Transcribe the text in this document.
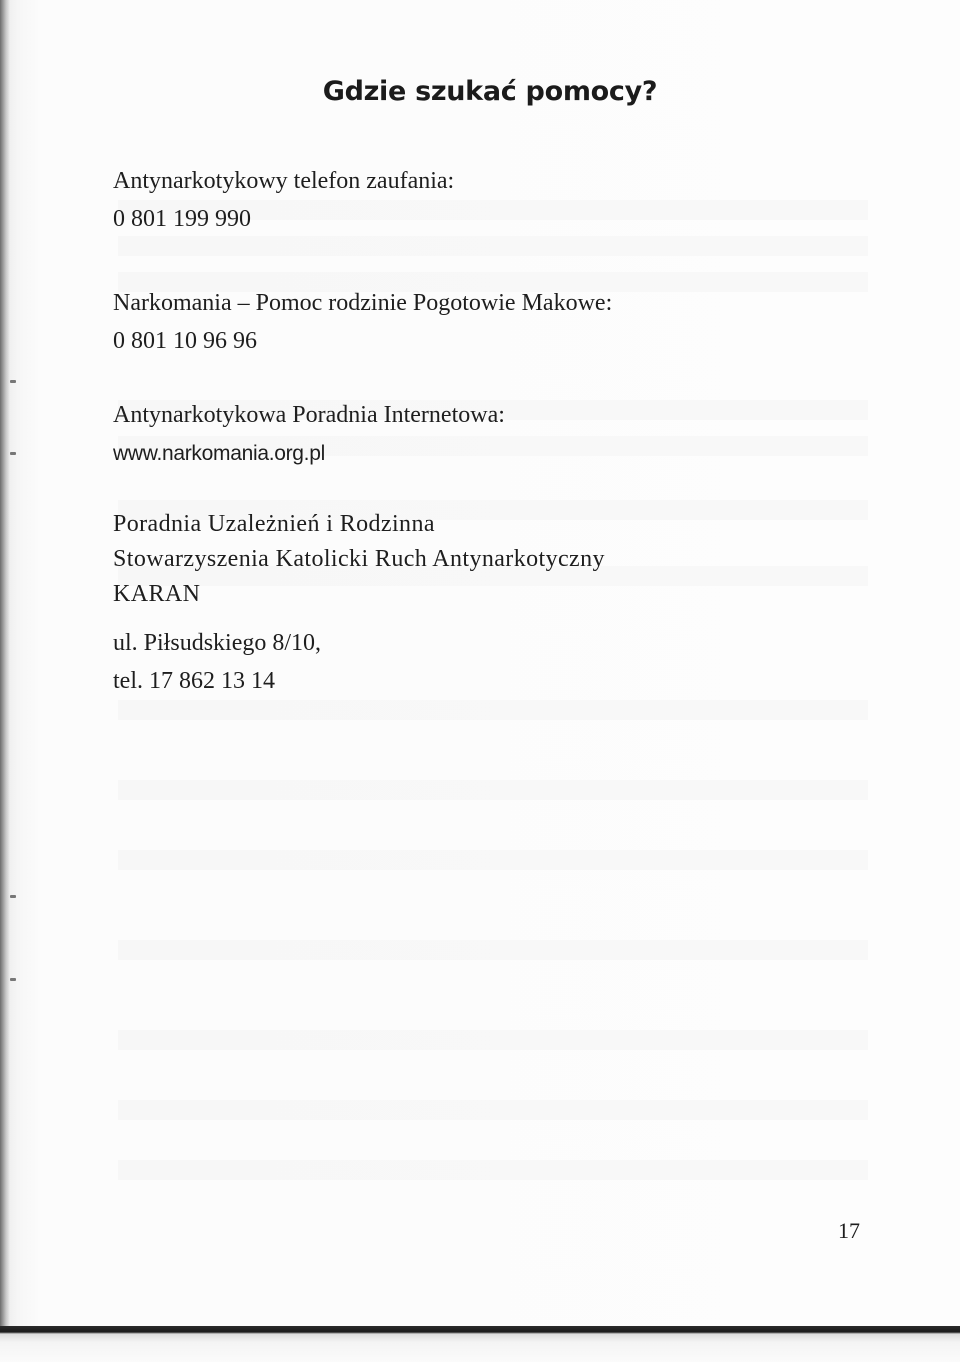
Gdzie szukać pomocy?
Antynarkotykowy telefon zaufania:
0 801 199 990
Narkomania – Pomoc rodzinie Pogotowie Makowe:
0 801 10 96 96
Antynarkotykowa Poradnia Internetowa:
www.narkomania.org.pl
Poradnia Uzależnień i Rodzinna
Stowarzyszenia Katolicki Ruch Antynarkotyczny
KARAN
ul. Piłsudskiego 8/10,
tel. 17 862 13 14
17
